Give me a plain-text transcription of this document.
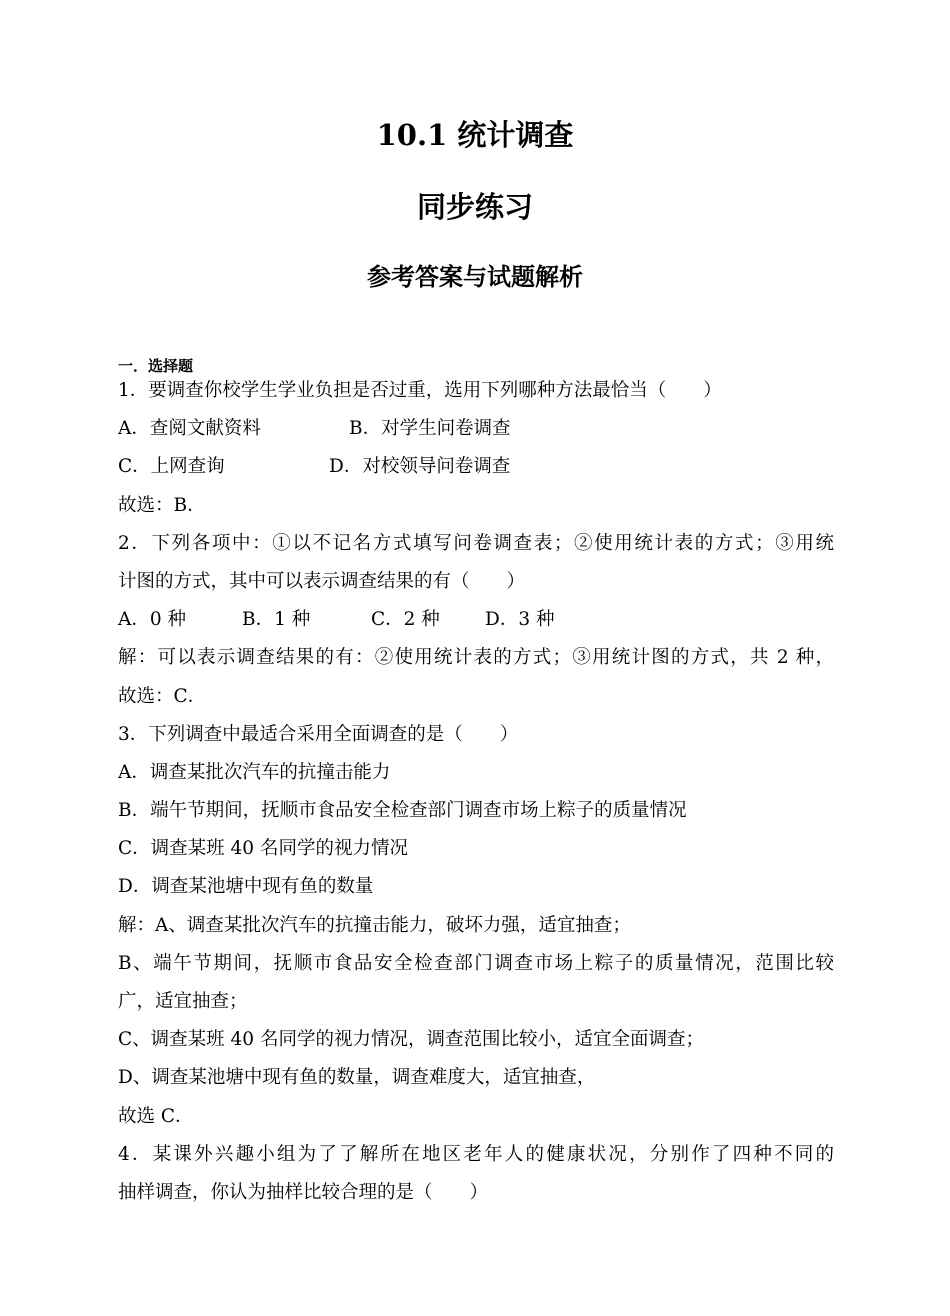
10.1 统计调查
同步练习
参考答案与试题解析
一．选择题
1．要调查你校学生学业负担是否过重，选用下列哪种方法最恰当（　　）
A．查阅文献资料	B．对学生问卷调查
C．上网查询	D．对校领导问卷调查
故选：B．
2．下列各项中：①以不记名方式填写问卷调查表；②使用统计表的方式；③用统
计图的方式，其中可以表示调查结果的有（　　）
A．0 种	B．1 种	C．2 种 D．3 种
解：可以表示调查结果的有：②使用统计表的方式；③用统计图的方式，共 2 种，
故选：C．
3．下列调查中最适合采用全面调查的是（　　）
A．调查某批次汽车的抗撞击能力
B．端午节期间，抚顺市食品安全检查部门调查市场上粽子的质量情况
C．调查某班 40 名同学的视力情况
D．调查某池塘中现有鱼的数量
解：A、调查某批次汽车的抗撞击能力，破坏力强，适宜抽查；
B、端午节期间，抚顺市食品安全检查部门调查市场上粽子的质量情况，范围比较
广，适宜抽查；
C、调查某班 40 名同学的视力情况，调查范围比较小，适宜全面调查；
D、调查某池塘中现有鱼的数量，调查难度大，适宜抽查，
故选 C．
4．某课外兴趣小组为了了解所在地区老年人的健康状况，分别作了四种不同的
抽样调查，你认为抽样比较合理的是（　　）
